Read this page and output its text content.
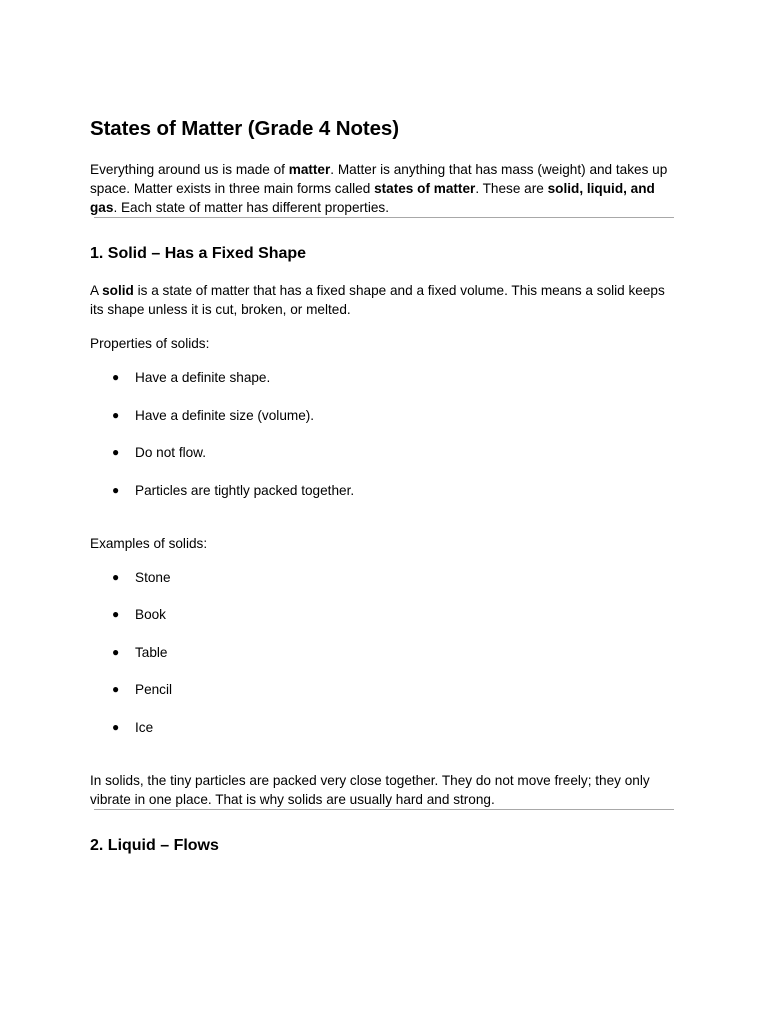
States of Matter (Grade 4 Notes)

Everything around us is made of matter. Matter is anything that has mass (weight) and takes up space. Matter exists in three main forms called states of matter. These are solid, liquid, and gas. Each state of matter has different properties.

1. Solid – Has a Fixed Shape

A solid is a state of matter that has a fixed shape and a fixed volume. This means a solid keeps its shape unless it is cut, broken, or melted.

Properties of solids:

● Have a definite shape.
● Have a definite size (volume).
● Do not flow.
● Particles are tightly packed together.

Examples of solids:

● Stone
● Book
● Table
● Pencil
● Ice

In solids, the tiny particles are packed very close together. They do not move freely; they only vibrate in one place. That is why solids are usually hard and strong.

2. Liquid – Flows
